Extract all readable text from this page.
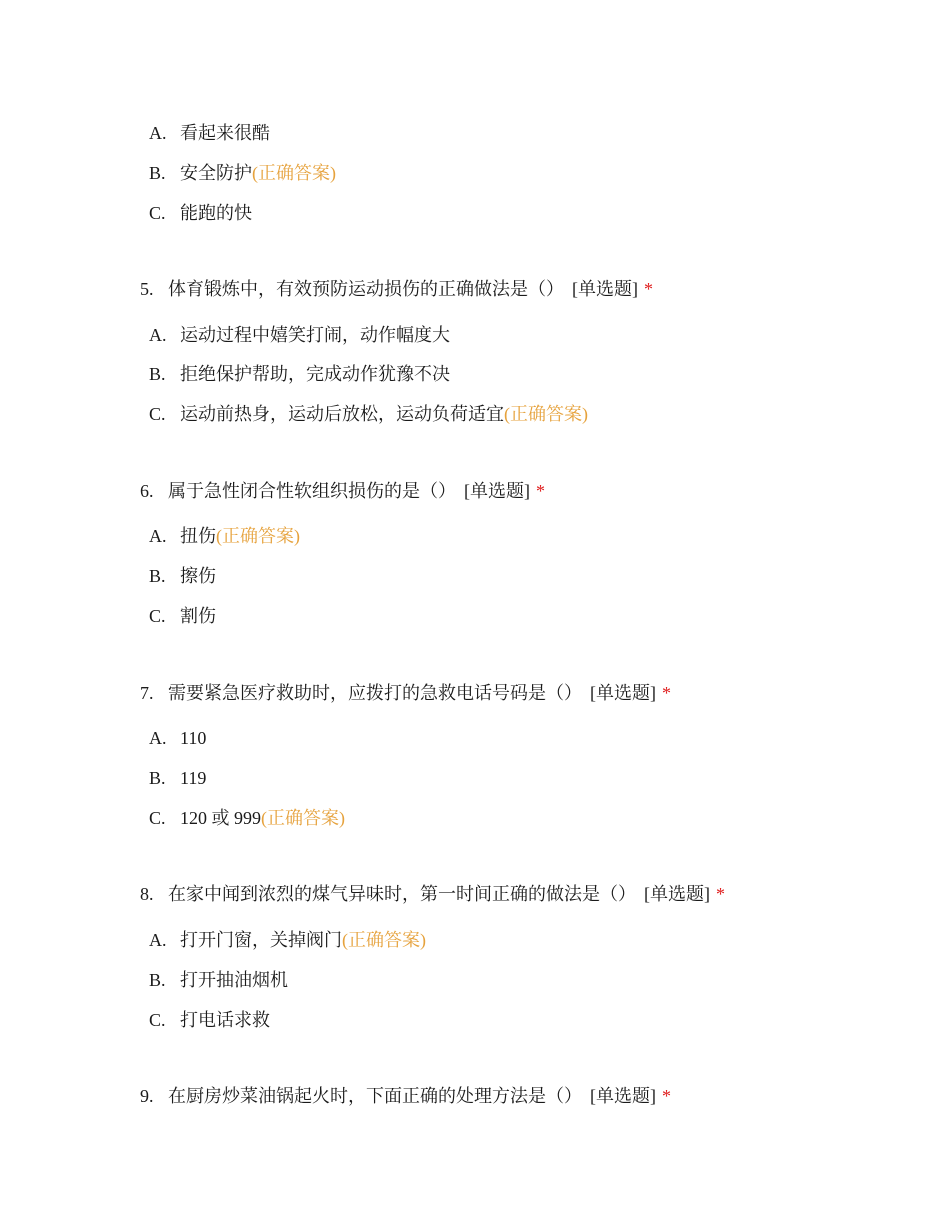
A. 看起来很酷
B. 安全防护(正确答案)
C. 能跑的快
5. 体育锻炼中，有效预防运动损伤的正确做法是（） [单选题] *
A. 运动过程中嬉笑打闹，动作幅度大
B. 拒绝保护帮助，完成动作犹豫不决
C. 运动前热身，运动后放松，运动负荷适宜(正确答案)
6. 属于急性闭合性软组织损伤的是（） [单选题] *
A. 扭伤(正确答案)
B. 擦伤
C. 割伤
7. 需要紧急医疗救助时，应拨打的急救电话号码是（） [单选题] *
A. 110
B. 119
C. 120 或 999(正确答案)
8. 在家中闻到浓烈的煤气异味时，第一时间正确的做法是（） [单选题] *
A. 打开门窗，关掉阀门(正确答案)
B. 打开抽油烟机
C. 打电话求救
9. 在厨房炒菜油锅起火时，下面正确的处理方法是（） [单选题] *
